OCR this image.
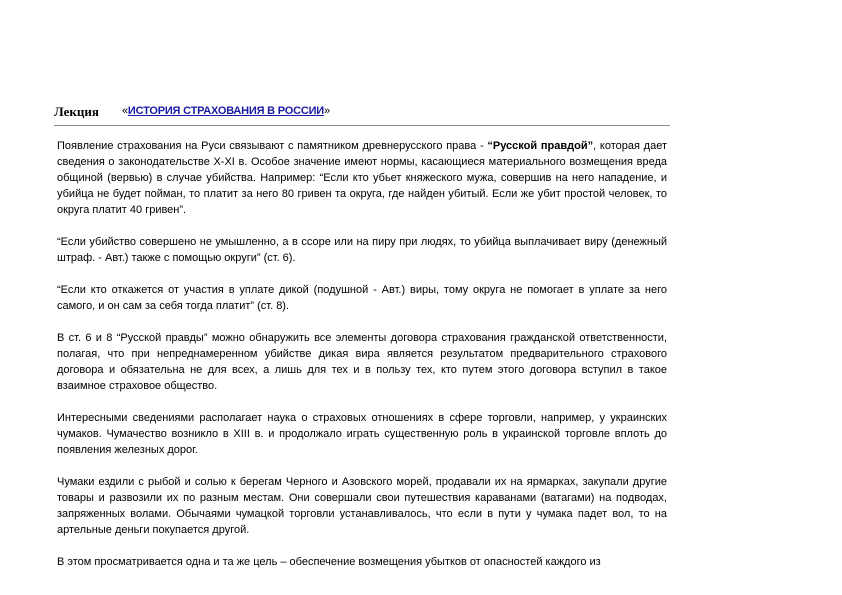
Лекция «ИСТОРИЯ СТРАХОВАНИЯ В РОССИИ»

Появление страхования на Руси связывают с памятником древнерусского права - “Русской правдой”, которая дает сведения о законодательстве X-XI в. Особое значение имеют нормы, касающиеся материального возмещения вреда общиной (вервью) в случае убийства. Например: “Если кто убьет княжеского мужа, совершив на него нападение, и убийца не будет пойман, то платит за него 80 гривен та округа, где найден убитый. Если же убит простой человек, то округа платит 40 гривен”.

“Если убийство совершено не умышленно, а в ссоре или на пиру при людях, то убийца выплачивает виру (денежный штраф. - Авт.) также с помощью округи” (ст. 6).

“Если кто откажется от участия в уплате дикой (подушной - Авт.) виры, тому округа не помогает в уплате за него самого, и он сам за себя тогда платит” (ст. 8).

В ст. 6 и 8 “Русской правды” можно обнаружить все элементы договора страхования гражданской ответственности, полагая, что при непреднамеренном убийстве дикая вира является результатом предварительного страхового договора и обязательна не для всех, а лишь для тех и в пользу тех, кто путем этого договора вступил в такое взаимное страховое общество.

Интересными сведениями располагает наука о страховых отношениях в сфере торговли, например, у украинских чумаков. Чумачество возникло в XIII в. и продолжало играть существенную роль в украинской торговле вплоть до появления железных дорог.

Чумаки ездили с рыбой и солью к берегам Черного и Азовского морей, продавали их на ярмарках, закупали другие товары и развозили их по разным местам. Они совершали свои путешествия караванами (ватагами) на подводах, запряженных волами. Обычаями чумацкой торговли устанавливалось, что если в пути у чумака падет вол, то на артельные деньги покупается другой.

В этом просматривается одна и та же цель – обеспечение возмещения убытков от опасностей каждого из
